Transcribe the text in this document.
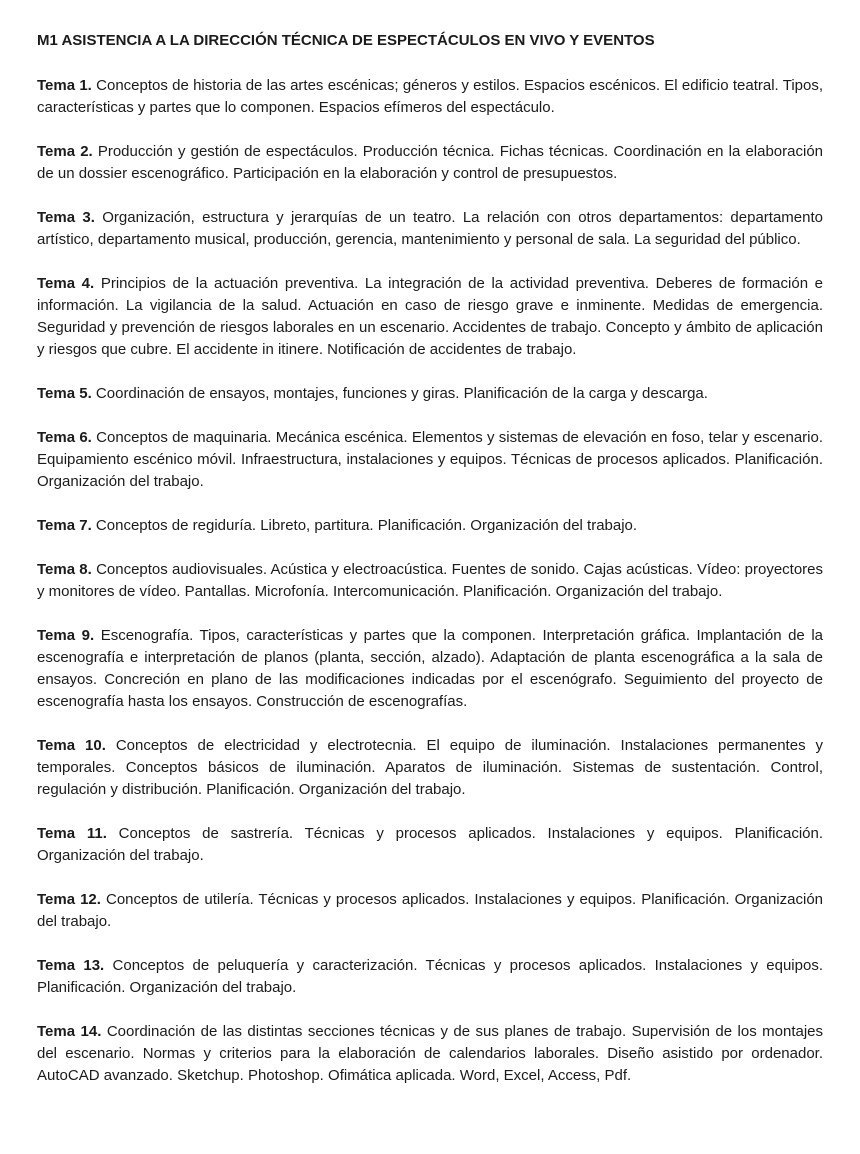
M1 ASISTENCIA A LA DIRECCIÓN TÉCNICA DE ESPECTÁCULOS EN VIVO Y EVENTOS

Tema 1. Conceptos de historia de las artes escénicas; géneros y estilos. Espacios escénicos. El edificio teatral. Tipos, características y partes que lo componen. Espacios efímeros del espectáculo.

Tema 2. Producción y gestión de espectáculos. Producción técnica. Fichas técnicas. Coordinación en la elaboración de un dossier escenográfico. Participación en la elaboración y control de presupuestos.

Tema 3. Organización, estructura y jerarquías de un teatro. La relación con otros departamentos: departamento artístico, departamento musical, producción, gerencia, mantenimiento y personal de sala. La seguridad del público.

Tema 4. Principios de la actuación preventiva. La integración de la actividad preventiva. Deberes de formación e información. La vigilancia de la salud. Actuación en caso de riesgo grave e inminente. Medidas de emergencia. Seguridad y prevención de riesgos laborales en un escenario. Accidentes de trabajo. Concepto y ámbito de aplicación y riesgos que cubre. El accidente in itinere. Notificación de accidentes de trabajo.

Tema 5. Coordinación de ensayos, montajes, funciones y giras. Planificación de la carga y descarga.

Tema 6. Conceptos de maquinaria. Mecánica escénica. Elementos y sistemas de elevación en foso, telar y escenario. Equipamiento escénico móvil. Infraestructura, instalaciones y equipos. Técnicas de procesos aplicados. Planificación. Organización del trabajo.

Tema 7. Conceptos de regiduría. Libreto, partitura. Planificación. Organización del trabajo.

Tema 8. Conceptos audiovisuales. Acústica y electroacústica. Fuentes de sonido. Cajas acústicas. Vídeo: proyectores y monitores de vídeo. Pantallas. Microfonía. Intercomunicación. Planificación. Organización del trabajo.

Tema 9. Escenografía. Tipos, características y partes que la componen. Interpretación gráfica. Implantación de la escenografía e interpretación de planos (planta, sección, alzado). Adaptación de planta escenográfica a la sala de ensayos. Concreción en plano de las modificaciones indicadas por el escenógrafo. Seguimiento del proyecto de escenografía hasta los ensayos. Construcción de escenografías.

Tema 10. Conceptos de electricidad y electrotecnia. El equipo de iluminación. Instalaciones permanentes y temporales. Conceptos básicos de iluminación. Aparatos de iluminación. Sistemas de sustentación. Control, regulación y distribución. Planificación. Organización del trabajo.

Tema 11. Conceptos de sastrería. Técnicas y procesos aplicados. Instalaciones y equipos. Planificación. Organización del trabajo.

Tema 12. Conceptos de utilería. Técnicas y procesos aplicados. Instalaciones y equipos. Planificación. Organización del trabajo.

Tema 13. Conceptos de peluquería y caracterización. Técnicas y procesos aplicados. Instalaciones y equipos. Planificación. Organización del trabajo.

Tema 14. Coordinación de las distintas secciones técnicas y de sus planes de trabajo. Supervisión de los montajes del escenario. Normas y criterios para la elaboración de calendarios laborales. Diseño asistido por ordenador. AutoCAD avanzado. Sketchup. Photoshop. Ofimática aplicada. Word, Excel, Access, Pdf.
